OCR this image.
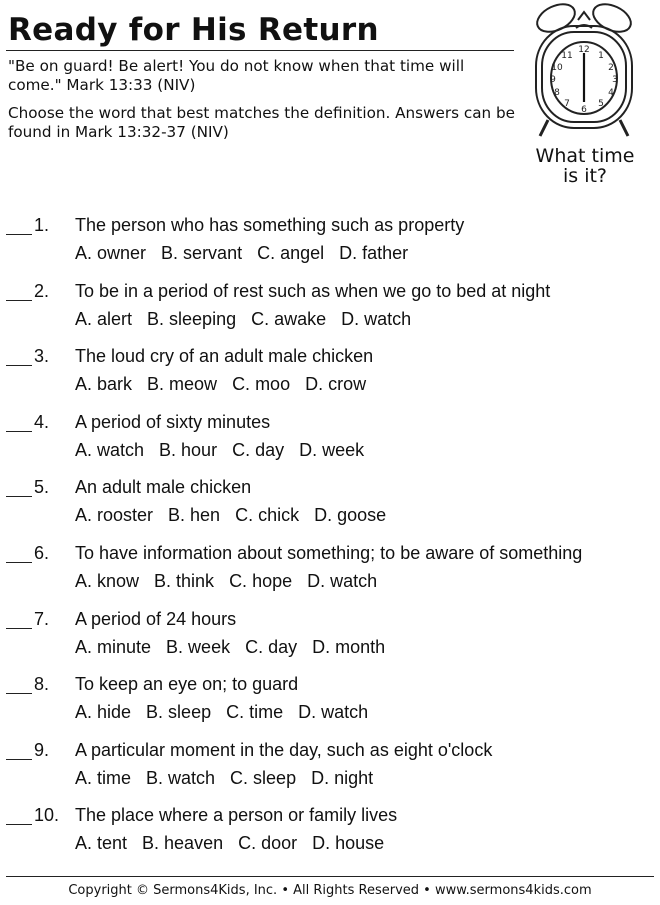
Ready for His Return
"Be on guard! Be alert! You do not know when that time will come." Mark 13:33 (NIV)
Choose the word that best matches the definition. Answers can be found in Mark 13:32-37 (NIV)
12
1
2
3
4
5
6
7
8
9
10
11
What time
is it?
1. The person who has something such as property
A. owner B. servant C. angel D. father
2. To be in a period of rest such as when we go to bed at night
A. alert B. sleeping C. awake D. watch
3. The loud cry of an adult male chicken
A. bark B. meow C. moo D. crow
4. A period of sixty minutes
A. watch B. hour C. day D. week
5. An adult male chicken
A. rooster B. hen C. chick D. goose
6. To have information about something; to be aware of something
A. know B. think C. hope D. watch
7. A period of 24 hours
A. minute B. week C. day D. month
8. To keep an eye on; to guard
A. hide B. sleep C. time D. watch
9. A particular moment in the day, such as eight o'clock
A. time B. watch C. sleep D. night
10. The place where a person or family lives
A. tent B. heaven C. door D. house
Copyright © Sermons4Kids, Inc. • All Rights Reserved • www.sermons4kids.com
